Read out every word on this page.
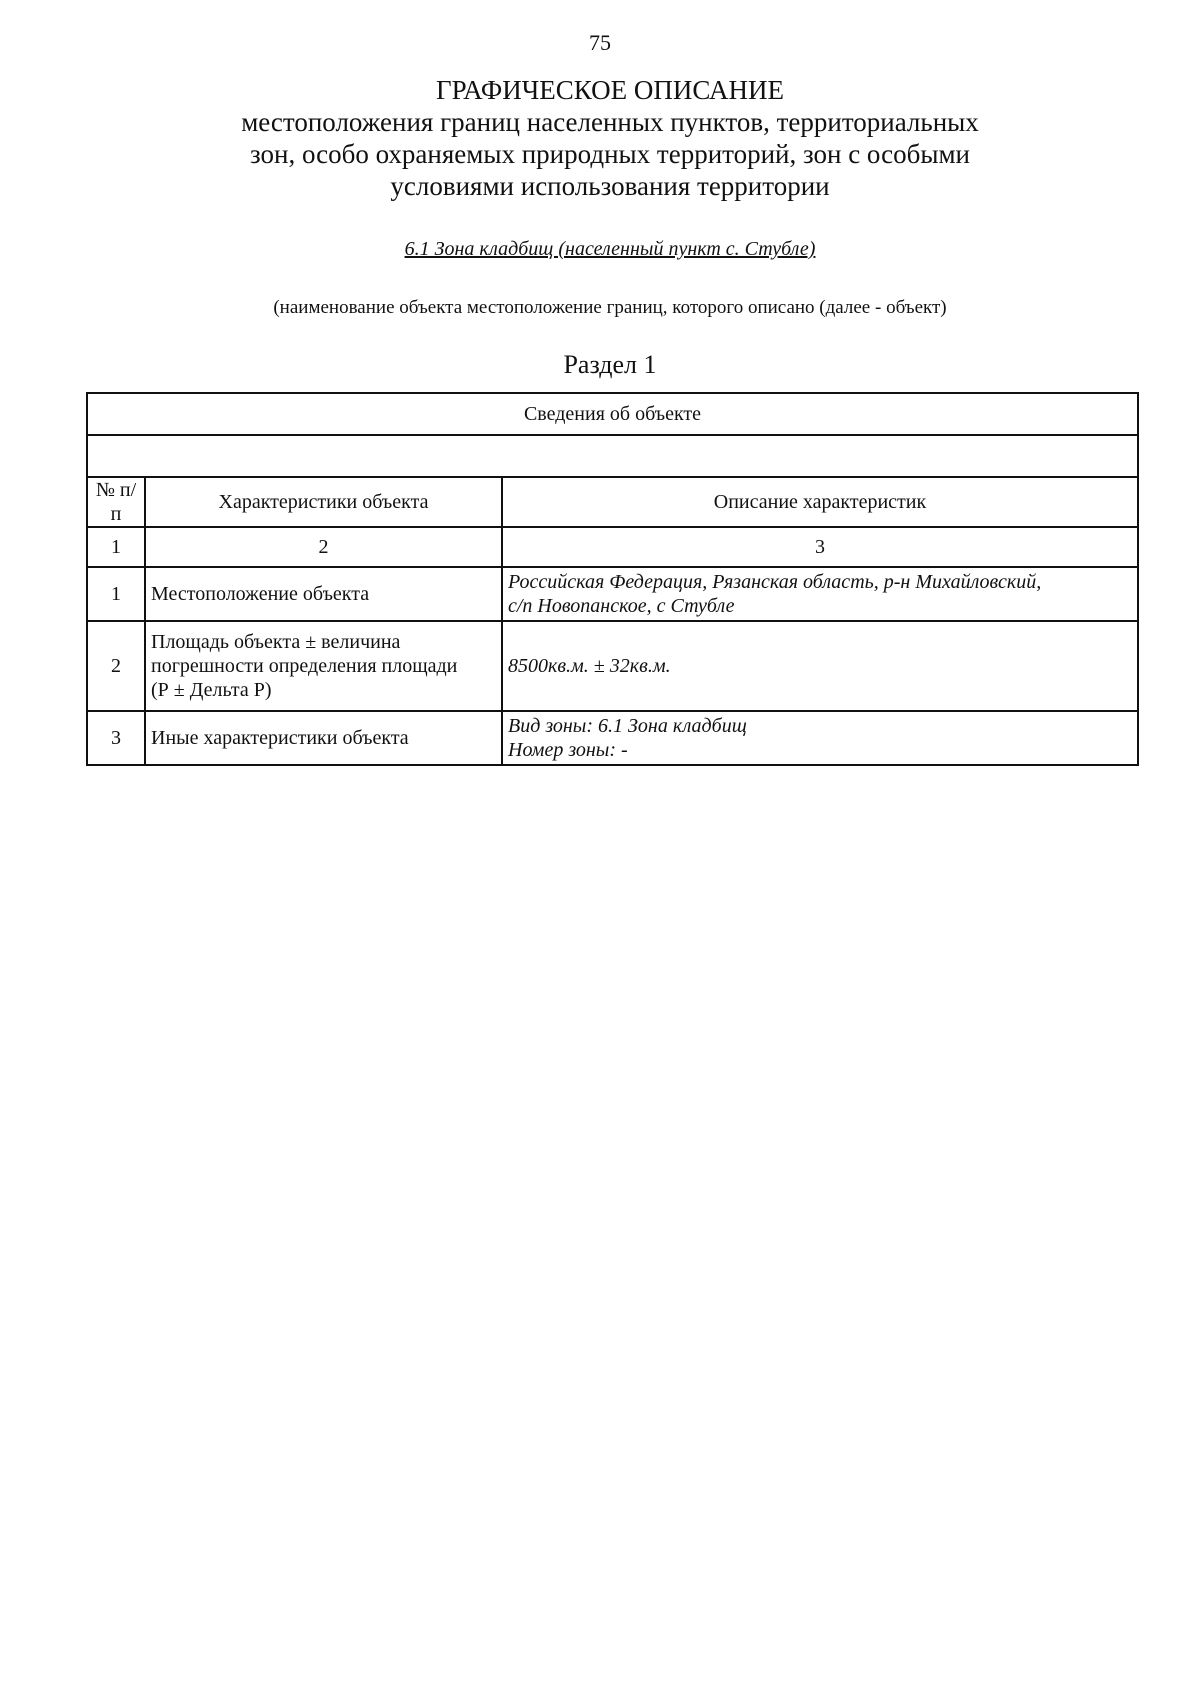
75
ГРАФИЧЕСКОЕ ОПИСАНИЕ
местоположения границ населенных пунктов, территориальных
зон, особо охраняемых природных территорий, зон с особыми
условиями использования территории
6.1 Зона кладбищ (населенный пункт с. Стубле)
(наименование объекта местоположение границ, которого описано (далее - объект)
Раздел 1
Сведения об объекте		

№ п/п	Характеристики объекта	Описание характеристик
1	2	3
1	Местоположение объекта	Российская Федерация, Рязанская область, р-н Михайловский,
с/п Новопанское, с Стубле

2	Площадь объекта ± величина
погрешности определения площади
(Р ± Дельта Р)	8500кв.м. ± 32кв.м.
3	Иные характеристики объекта	Вид зоны: 6.1 Зона кладбищ
Номер зоны: -
